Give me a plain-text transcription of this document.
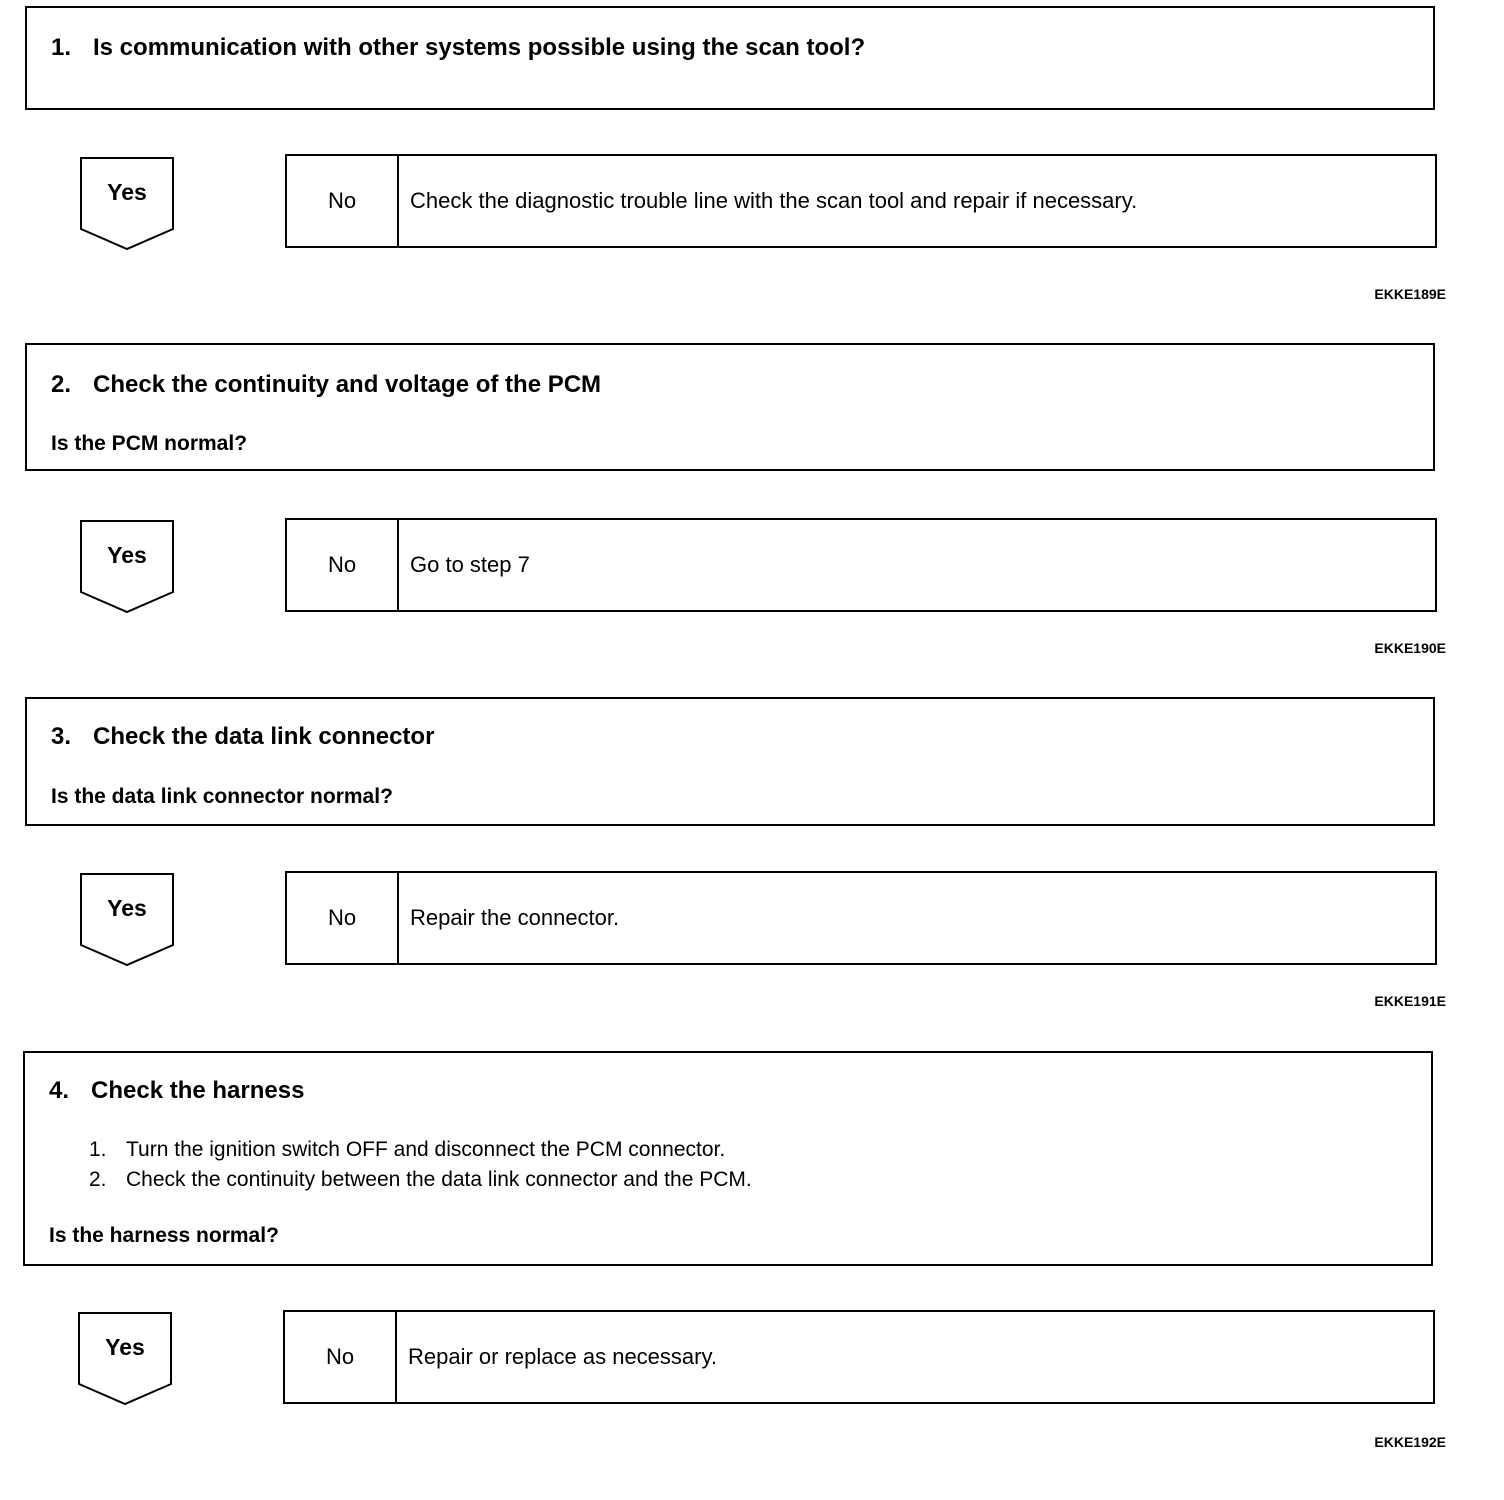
1. Is communication with other systems possible using the scan tool?
Yes	No	Check the diagnostic trouble line with the scan tool and repair if necessary.
EKKE189E
2. Check the continuity and voltage of the PCM
Is the PCM normal?
Yes	No	Go to step 7
EKKE190E
3. Check the data link connector
Is the data link connector normal?
Yes	No	Repair the connector.
EKKE191E
4. Check the harness
1. Turn the ignition switch OFF and disconnect the PCM connector.
2. Check the continuity between the data link connector and the PCM.
Is the harness normal?
Yes	No	Repair or replace as necessary.
EKKE192E
